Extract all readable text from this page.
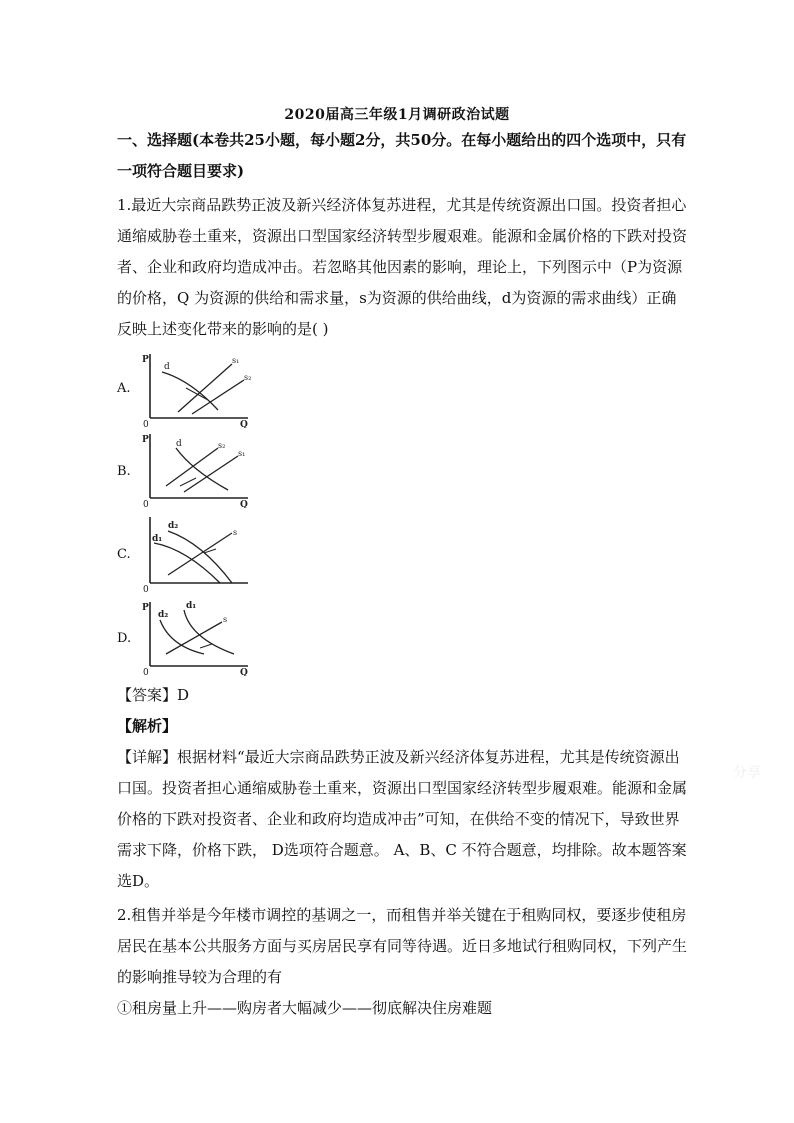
2020届高三年级1月调研政治试题
一、选择题(本卷共25小题，每小题2分，共50分。在每小题给出的四个选项中，只有一项符合题目要求)
1.最近大宗商品跌势正波及新兴经济体复苏进程，尤其是传统资源出口国。投资者担心通缩威胁卷土重来，资源出口型国家经济转型步履艰难。能源和金属价格的下跌对投资者、企业和政府均造成冲击。若忽略其他因素的影响，理论上，下列图示中（P为资源的价格，Q 为资源的供给和需求量，s为资源的供给曲线，d为资源的需求曲线）正确反映上述变化带来的影响的是( )
A.
P
0	Q
d
s₁
s₂
B.
P
0	Q
d	s₂
s₁
C.
0
d₁
d₂
s
D.
P
0	Q
d₂
d₁
s
【答案】D
【解析】
【详解】根据材料“最近大宗商品跌势正波及新兴经济体复苏进程，尤其是传统资源出口国。投资者担心通缩威胁卷土重来，资源出口型国家经济转型步履艰难。能源和金属价格的下跌对投资者、企业和政府均造成冲击”可知，在供给不变的情况下，导致世界需求下降，价格下跌， D选项符合题意。 A、B、C 不符合题意，均排除。故本题答案选D。
2.租售并举是今年楼市调控的基调之一，而租售并举关键在于租购同权，要逐步使租房居民在基本公共服务方面与买房居民享有同等待遇。近日多地试行租购同权，下列产生的影响推导较为合理的有
①租房量上升——购房者大幅减少——彻底解决住房难题
分享
